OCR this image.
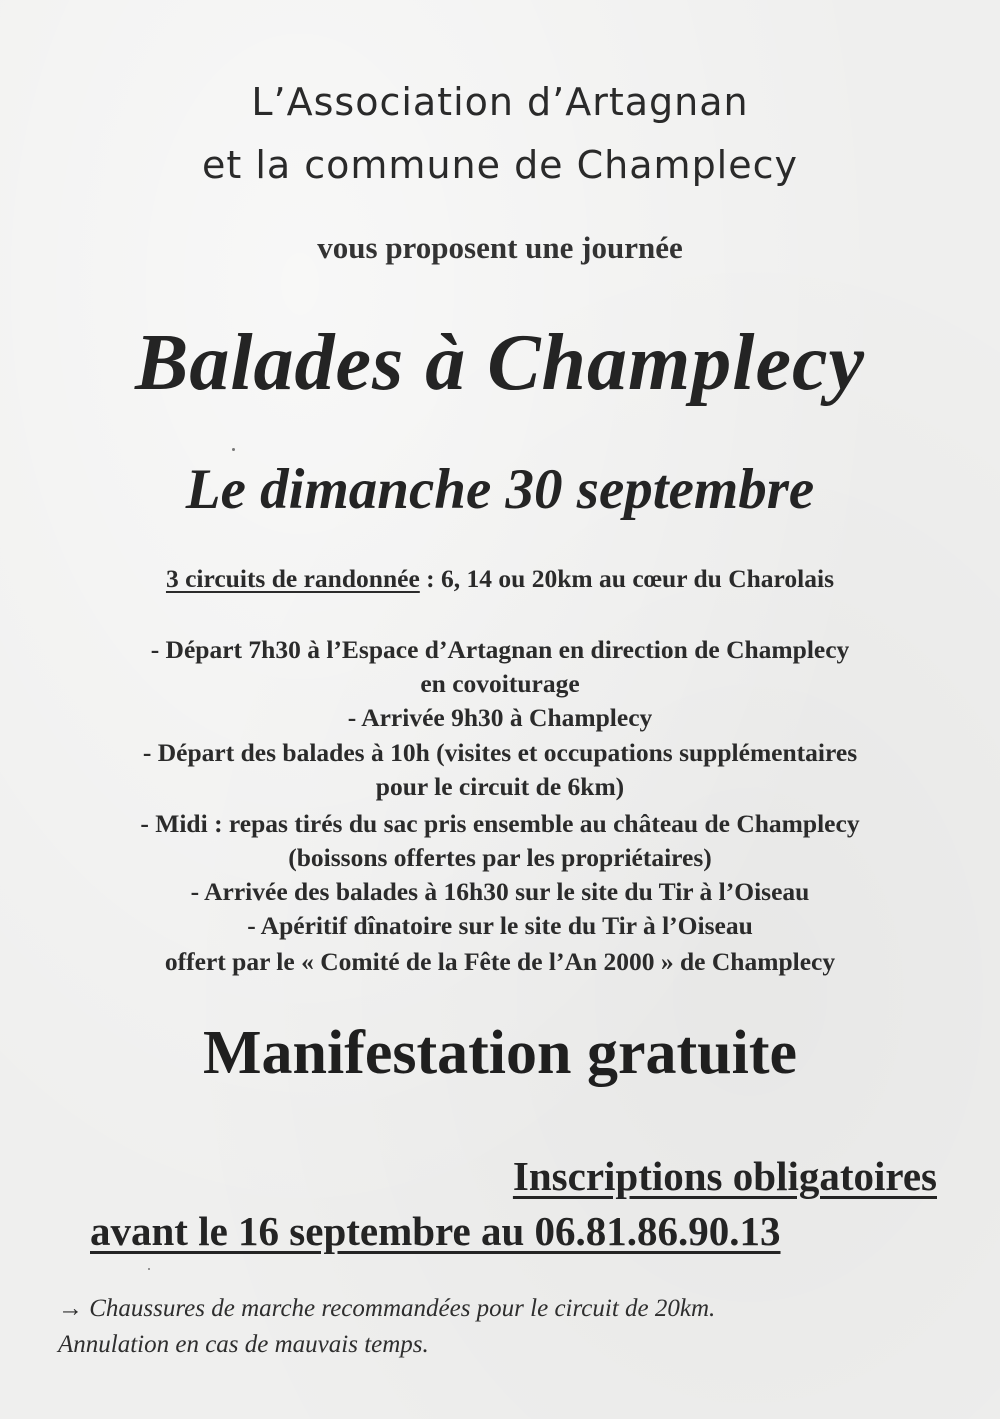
L’Association d’Artagnan
et la commune de Champlecy
vous proposent une journée
Balades à Champlecy
Le dimanche 30 septembre
3 circuits de randonnée : 6, 14 ou 20km au cœur du Charolais
- Départ 7h30 à l’Espace d’Artagnan en direction de Champlecy
en covoiturage
- Arrivée 9h30 à Champlecy
- Départ des balades à 10h (visites et occupations supplémentaires
pour le circuit de 6km)
- Midi : repas tirés du sac pris ensemble au château de Champlecy
(boissons offertes par les propriétaires)
- Arrivée des balades à 16h30 sur le site du Tir à l’Oiseau
- Apéritif dînatoire sur le site du Tir à l’Oiseau
offert par le « Comité de la Fête de l’An 2000 » de Champlecy
Manifestation gratuite
Inscriptions obligatoires
avant le 16 septembre au 06.81.86.90.13
→ Chaussures de marche recommandées pour le circuit de 20km.
Annulation en cas de mauvais temps.
